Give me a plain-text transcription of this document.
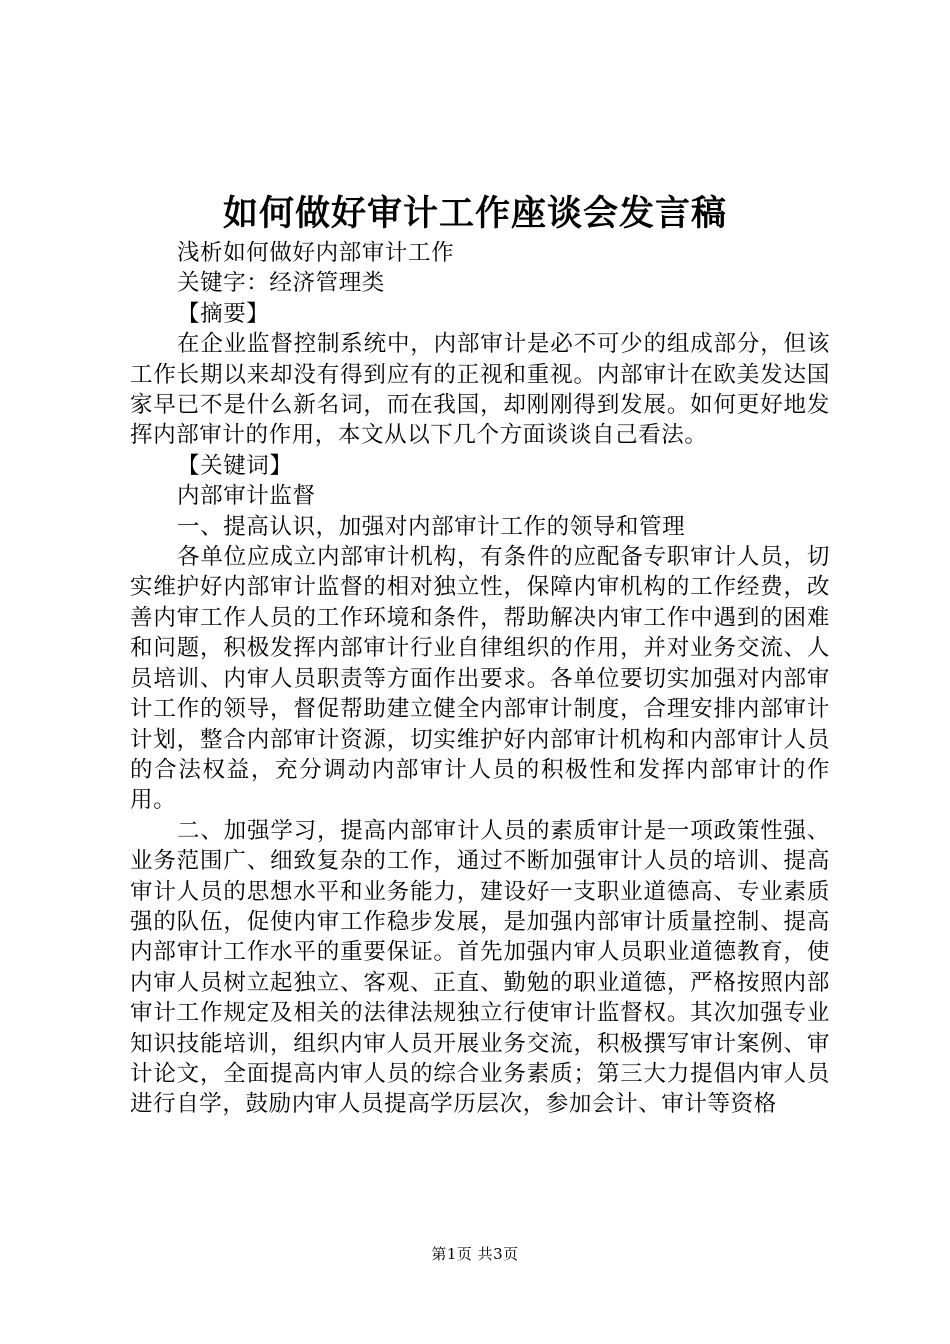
如何做好审计工作座谈会发言稿

浅析如何做好内部审计工作

关键字：经济管理类

【摘要】

在企业监督控制系统中，内部审计是必不可少的组成部分，但该工作长期以来却没有得到应有的正视和重视。内部审计在欧美发达国家早已不是什么新名词，而在我国，却刚刚得到发展。如何更好地发挥内部审计的作用，本文从以下几个方面谈谈自己看法。

【关键词】

内部审计监督

一、提高认识，加强对内部审计工作的领导和管理

各单位应成立内部审计机构，有条件的应配备专职审计人员，切实维护好内部审计监督的相对独立性，保障内审机构的工作经费，改善内审工作人员的工作环境和条件，帮助解决内审工作中遇到的困难和问题，积极发挥内部审计行业自律组织的作用，并对业务交流、人员培训、内审人员职责等方面作出要求。各单位要切实加强对内部审计工作的领导，督促帮助建立健全内部审计制度，合理安排内部审计计划，整合内部审计资源，切实维护好内部审计机构和内部审计人员的合法权益，充分调动内部审计人员的积极性和发挥内部审计的作用。

二、加强学习，提高内部审计人员的素质审计是一项政策性强、业务范围广、细致复杂的工作，通过不断加强审计人员的培训、提高审计人员的思想水平和业务能力，建设好一支职业道德高、专业素质强的队伍，促使内审工作稳步发展，是加强内部审计质量控制、提高内部审计工作水平的重要保证。首先加强内审人员职业道德教育，使内审人员树立起独立、客观、正直、勤勉的职业道德，严格按照内部审计工作规定及相关的法律法规独立行使审计监督权。其次加强专业知识技能培训，组织内审人员开展业务交流，积极撰写审计案例、审计论文，全面提高内审人员的综合业务素质；第三大力提倡内审人员进行自学，鼓励内审人员提高学历层次，参加会计、审计等资格

第1页 共3页
